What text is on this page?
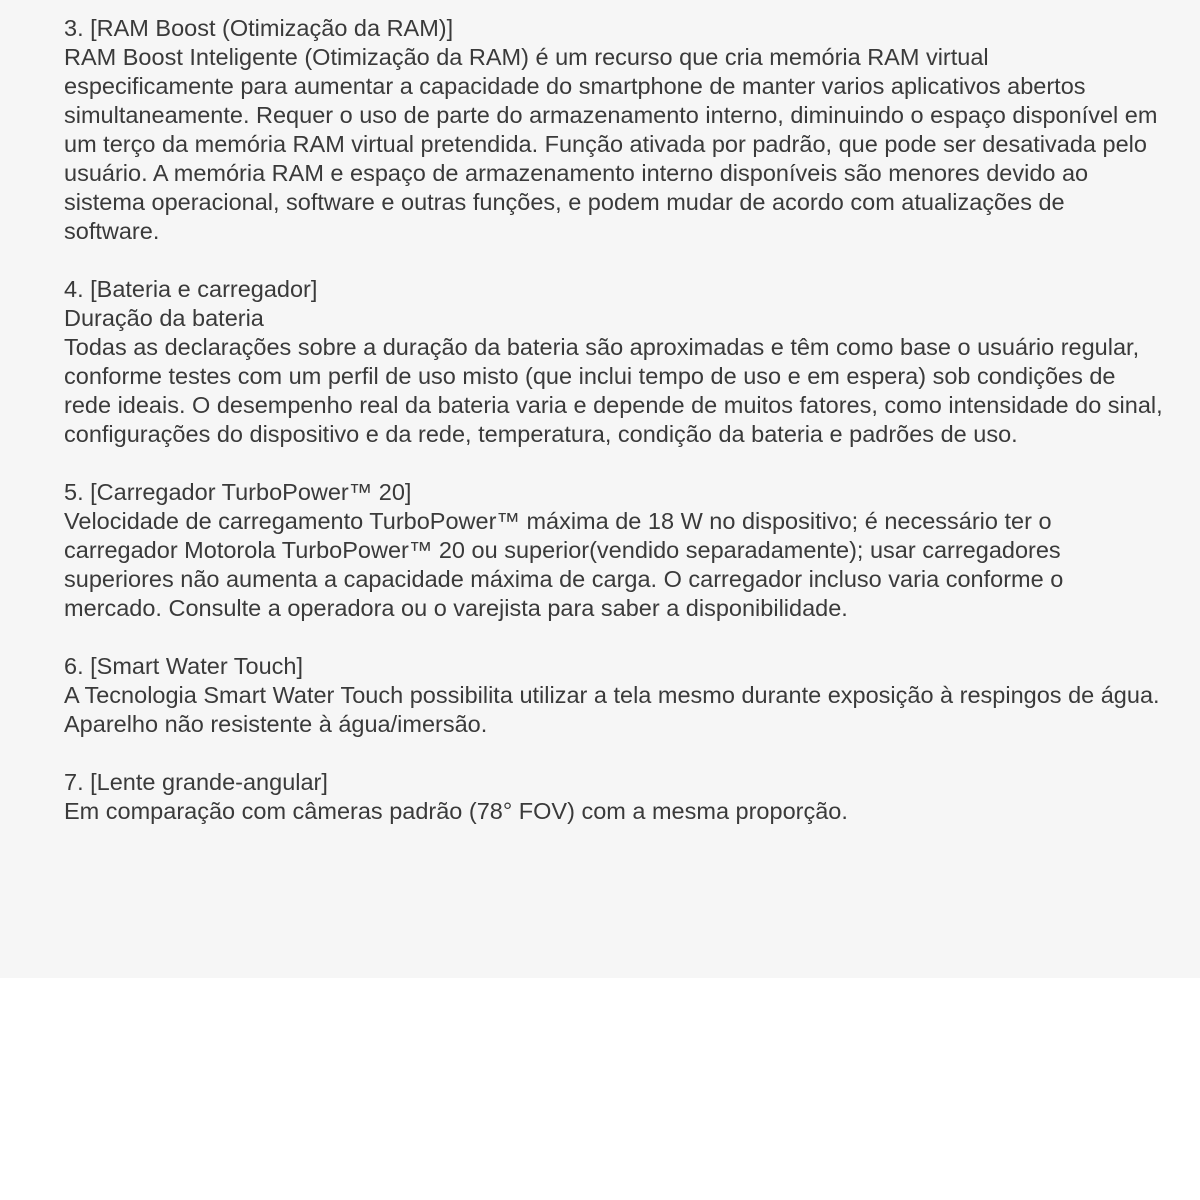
3. [RAM Boost (Otimização da RAM)]

RAM Boost Inteligente (Otimização da RAM) é um recurso que cria memória RAM virtual especificamente para aumentar a capacidade do smartphone de manter varios aplicativos abertos simultaneamente. Requer o uso de parte do armazenamento interno, diminuindo o espaço disponível em um terço da memória RAM virtual pretendida. Função ativada por padrão, que pode ser desativada pelo usuário. A memória RAM e espaço de armazenamento interno disponíveis são menores devido ao sistema operacional, software e outras funções, e podem mudar de acordo com atualizações de software.

4. [Bateria e carregador]

Duração da bateria

Todas as declarações sobre a duração da bateria são aproximadas e têm como base o usuário regular, conforme testes com um perfil de uso misto (que inclui tempo de uso e em espera) sob condições de rede ideais. O desempenho real da bateria varia e depende de muitos fatores, como intensidade do sinal, configurações do dispositivo e da rede, temperatura, condição da bateria e padrões de uso.

5. [Carregador TurboPower™ 20]

Velocidade de carregamento TurboPower™ máxima de 18 W no dispositivo; é necessário ter o carregador Motorola TurboPower™ 20 ou superior(vendido separadamente); usar carregadores superiores não aumenta a capacidade máxima de carga. O carregador incluso varia conforme o mercado. Consulte a operadora ou o varejista para saber a disponibilidade.

6. [Smart Water Touch]

A Tecnologia Smart Water Touch possibilita utilizar a tela mesmo durante exposição à respingos de água. Aparelho não resistente à água/imersão.

7. [Lente grande-angular]

Em comparação com câmeras padrão (78° FOV) com a mesma proporção.
